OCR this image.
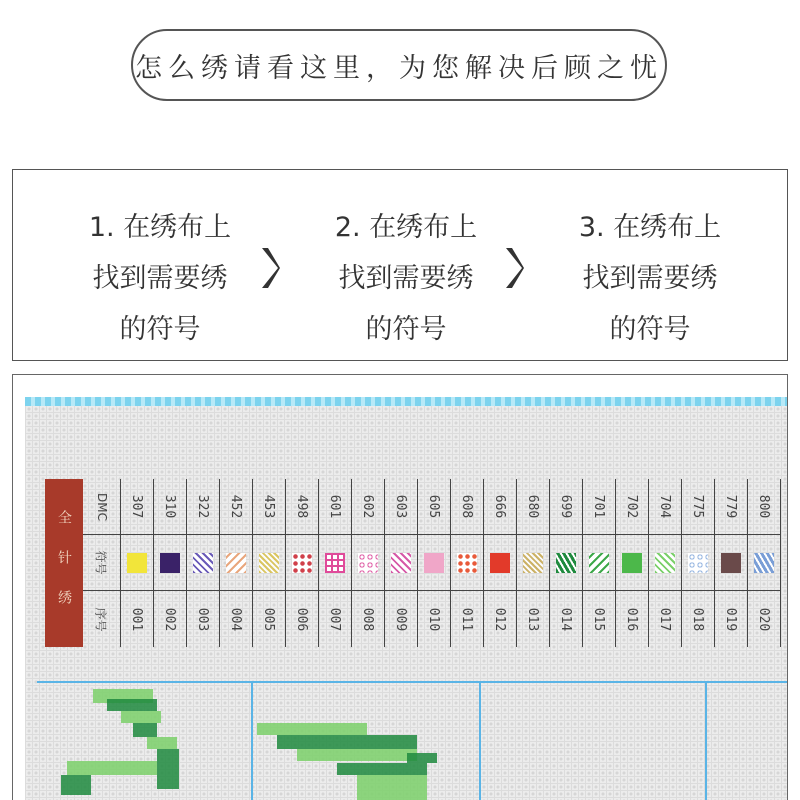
怎么绣请看这里，为您解决后顾之忧
1. 在绣布上
找到需要绣
的符号
2. 在绣布上
找到需要绣
的符号
3. 在绣布上
找到需要绣
的符号
全针绣
DMC
符号
序号
307
001
310
002
322
003
452
004
453
005
498
006
601
007
602
008
603
009
605
010
608
011
666
012
680
013
699
014
701
015
702
016
704
017
775
018
779
019
800
020
